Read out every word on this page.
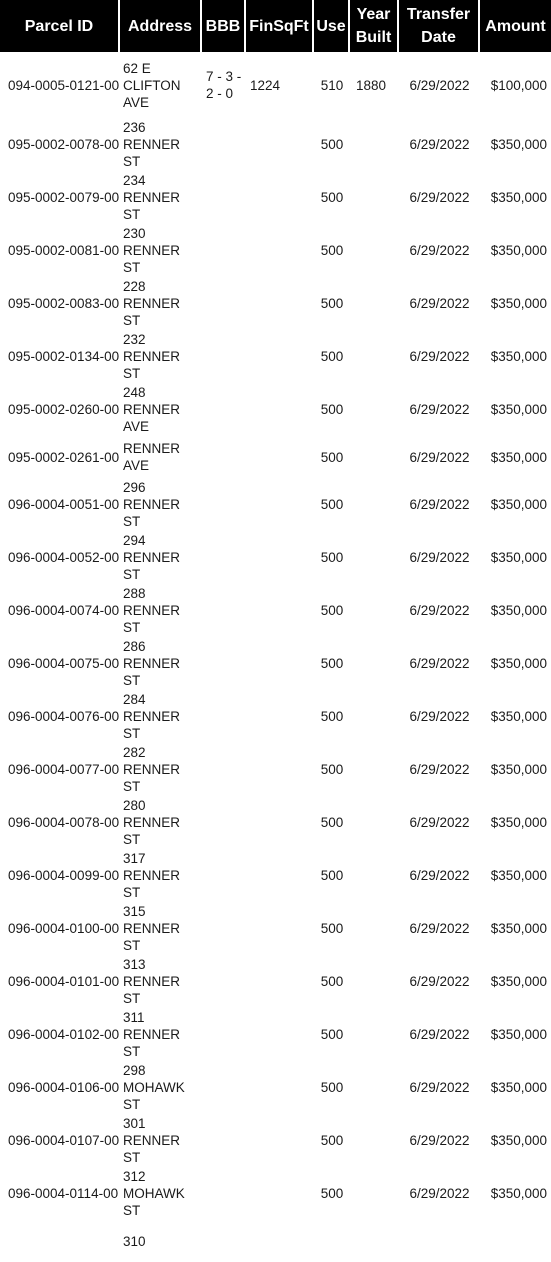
Parcel ID	Address	BBB	FinSqFt	Use	Year Built	Transfer Date	Amount
094-0005-0121-00	62 E CLIFTON AVE	7 - 3 - 2 - 0	1224	510	1880	6/29/2022	$100,000
095-0002-0078-00	236 RENNER ST			500		6/29/2022	$350,000
095-0002-0079-00	234 RENNER ST			500		6/29/2022	$350,000
095-0002-0081-00	230 RENNER ST			500		6/29/2022	$350,000
095-0002-0083-00	228 RENNER ST			500		6/29/2022	$350,000
095-0002-0134-00	232 RENNER ST			500		6/29/2022	$350,000
095-0002-0260-00	248 RENNER AVE			500		6/29/2022	$350,000
095-0002-0261-00	RENNER AVE			500		6/29/2022	$350,000
096-0004-0051-00	296 RENNER ST			500		6/29/2022	$350,000
096-0004-0052-00	294 RENNER ST			500		6/29/2022	$350,000
096-0004-0074-00	288 RENNER ST			500		6/29/2022	$350,000
096-0004-0075-00	286 RENNER ST			500		6/29/2022	$350,000
096-0004-0076-00	284 RENNER ST			500		6/29/2022	$350,000
096-0004-0077-00	282 RENNER ST			500		6/29/2022	$350,000
096-0004-0078-00	280 RENNER ST			500		6/29/2022	$350,000
096-0004-0099-00	317 RENNER ST			500		6/29/2022	$350,000
096-0004-0100-00	315 RENNER ST			500		6/29/2022	$350,000
096-0004-0101-00	313 RENNER ST			500		6/29/2022	$350,000
096-0004-0102-00	311 RENNER ST			500		6/29/2022	$350,000
096-0004-0106-00	298 MOHAWK ST			500		6/29/2022	$350,000
096-0004-0107-00	301 RENNER ST			500		6/29/2022	$350,000
096-0004-0114-00	312 MOHAWK ST			500		6/29/2022	$350,000
	310						
